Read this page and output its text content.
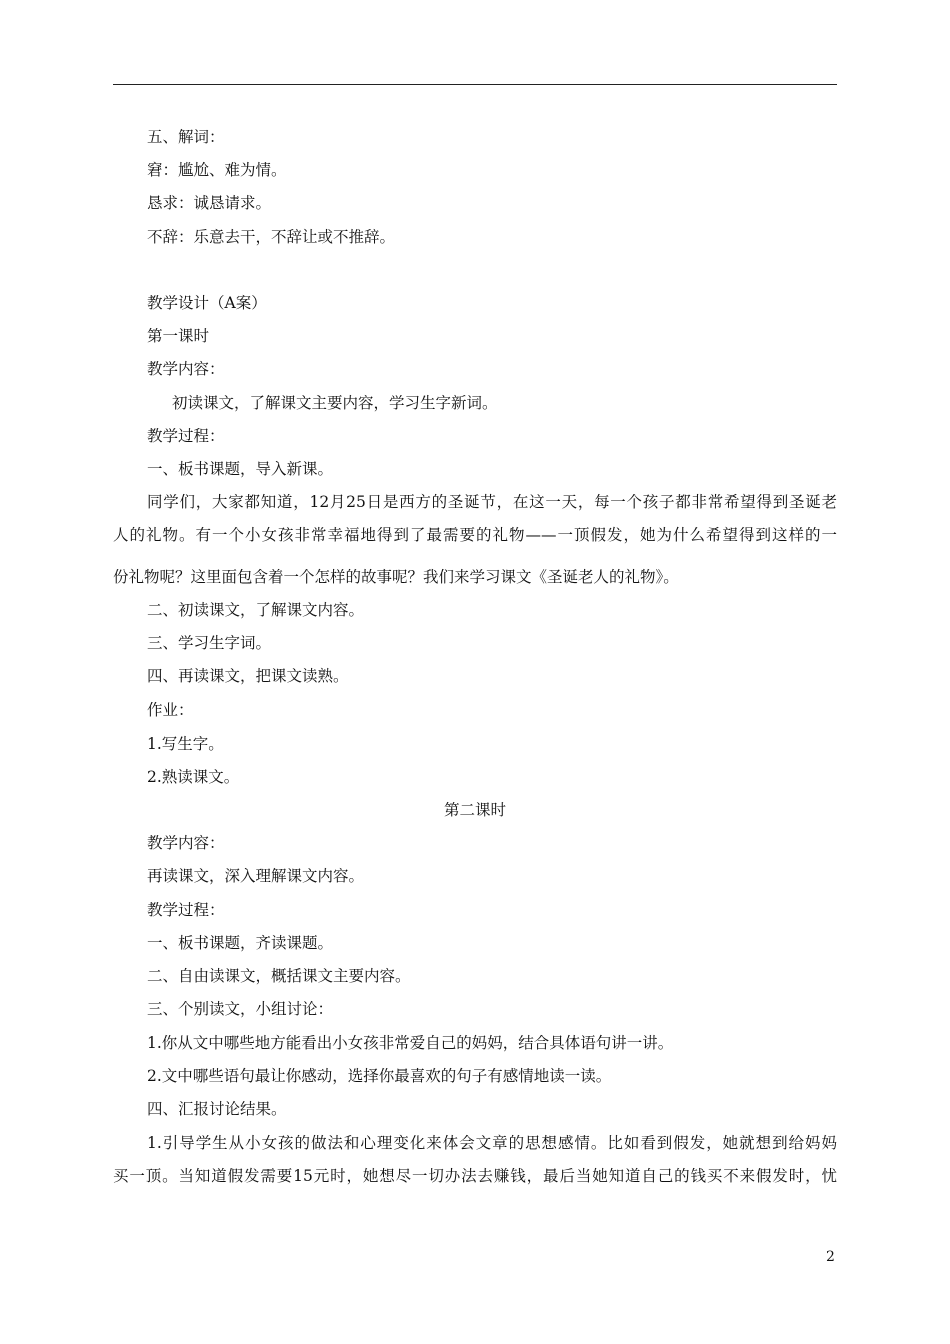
五、解词：
窘：尴尬、难为情。
恳求：诚恳请求。
不辞：乐意去干，不辞让或不推辞。
教学设计（A案）
第一课时
教学内容：
初读课文，了解课文主要内容，学习生字新词。
教学过程：
一、板书课题，导入新课。
同学们，大家都知道，12月25日是西方的圣诞节，在这一天，每一个孩子都非常希望得到圣诞老
人的礼物。有一个小女孩非常幸福地得到了最需要的礼物——一顶假发，她为什么希望得到这样的一
份礼物呢？这里面包含着一个怎样的故事呢？我们来学习课文《圣诞老人的礼物》。
二、初读课文，了解课文内容。
三、学习生字词。
四、再读课文，把课文读熟。
作业：
1.写生字。
2.熟读课文。
第二课时
教学内容：
再读课文，深入理解课文内容。
教学过程：
一、板书课题，齐读课题。
二、自由读课文，概括课文主要内容。
三、个别读文，小组讨论：
1.你从文中哪些地方能看出小女孩非常爱自己的妈妈，结合具体语句讲一讲。
2.文中哪些语句最让你感动，选择你最喜欢的句子有感情地读一读。
四、汇报讨论结果。
1.引导学生从小女孩的做法和心理变化来体会文章的思想感情。比如看到假发，她就想到给妈妈
买一顶。当知道假发需要15元时，她想尽一切办法去赚钱，最后当她知道自己的钱买不来假发时，忧
2
